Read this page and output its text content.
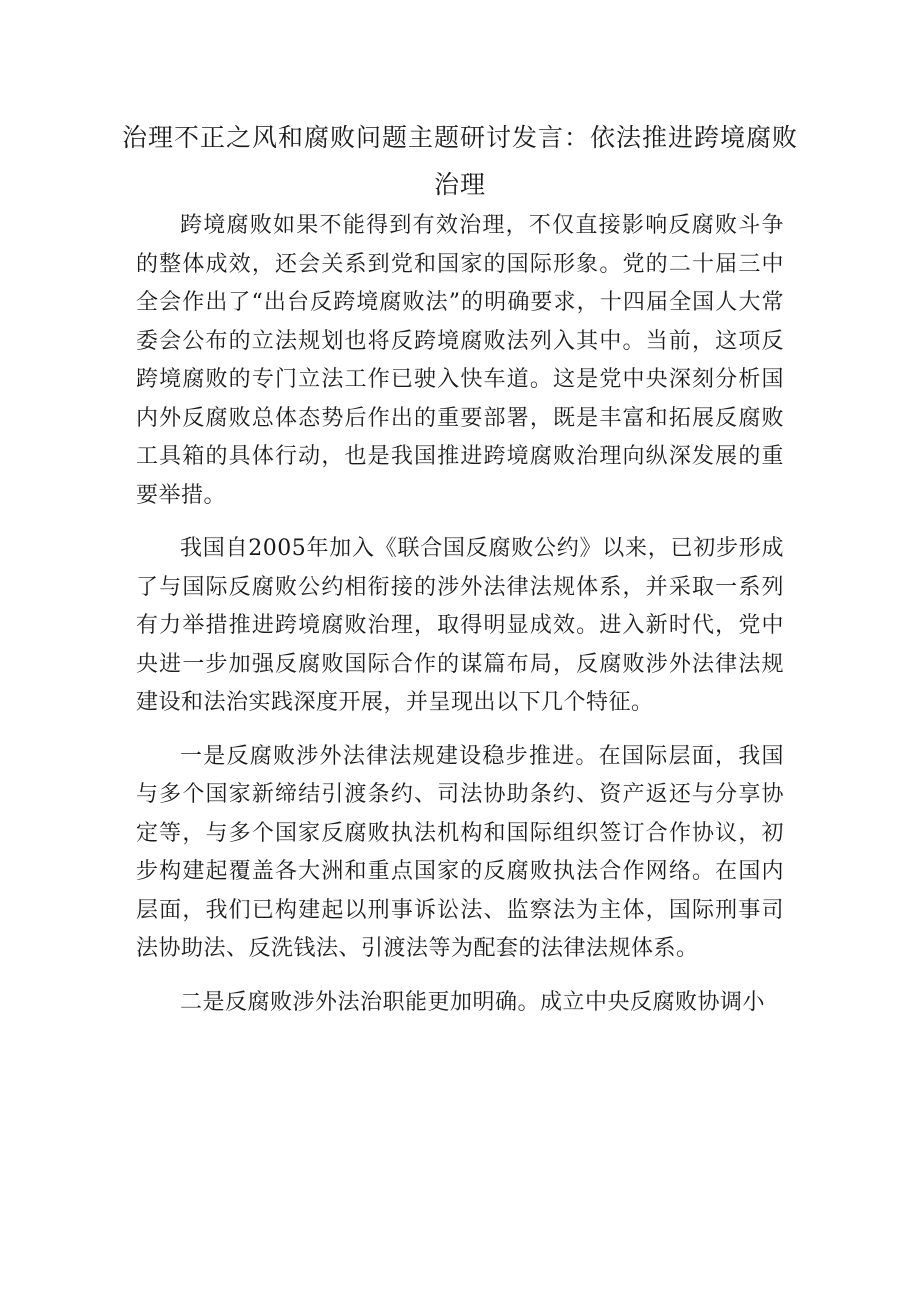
治理不正之风和腐败问题主题研讨发言：依法推进跨境腐败治理

跨境腐败如果不能得到有效治理，不仅直接影响反腐败斗争的整体成效，还会关系到党和国家的国际形象。党的二十届三中全会作出了“出台反跨境腐败法”的明确要求，十四届全国人大常委会公布的立法规划也将反跨境腐败法列入其中。当前，这项反跨境腐败的专门立法工作已驶入快车道。这是党中央深刻分析国内外反腐败总体态势后作出的重要部署，既是丰富和拓展反腐败工具箱的具体行动，也是我国推进跨境腐败治理向纵深发展的重要举措。

我国自2005年加入《联合国反腐败公约》以来，已初步形成了与国际反腐败公约相衔接的涉外法律法规体系，并采取一系列有力举措推进跨境腐败治理，取得明显成效。进入新时代，党中央进一步加强反腐败国际合作的谋篇布局，反腐败涉外法律法规建设和法治实践深度开展，并呈现出以下几个特征。

一是反腐败涉外法律法规建设稳步推进。在国际层面，我国与多个国家新缔结引渡条约、司法协助条约、资产返还与分享协定等，与多个国家反腐败执法机构和国际组织签订合作协议，初步构建起覆盖各大洲和重点国家的反腐败执法合作网络。在国内层面，我们已构建起以刑事诉讼法、监察法为主体，国际刑事司法协助法、反洗钱法、引渡法等为配套的法律法规体系。

二是反腐败涉外法治职能更加明确。成立中央反腐败协调小
